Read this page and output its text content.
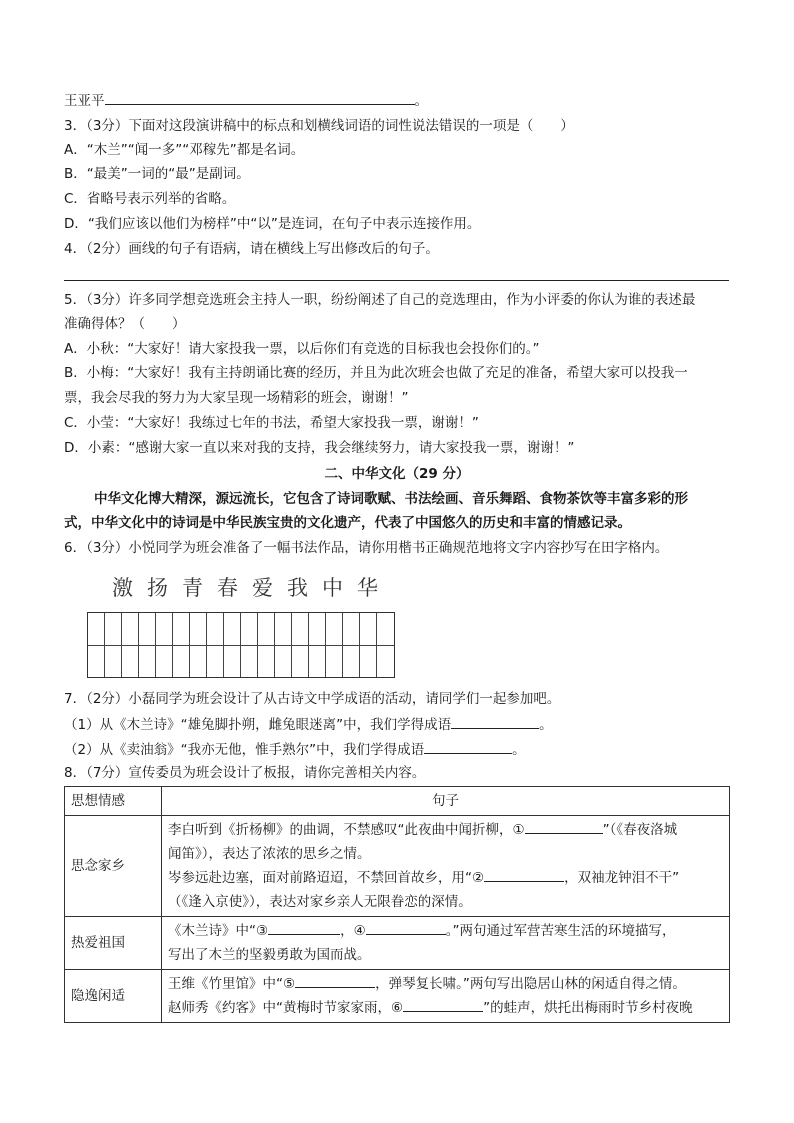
王亚平	。
3．（3分）下面对这段演讲稿中的标点和划横线词语的词性说法错误的一项是（　　）
A．“木兰”“闻一多”“邓稼先”都是名词。
B．“最美”一词的“最”是副词。
C．省略号表示列举的省略。
D．“我们应该以他们为榜样”中“以”是连词，在句子中表示连接作用。
4．（2分）画线的句子有语病，请在横线上写出修改后的句子。
5．（3分）许多同学想竞选班会主持人一职，纷纷阐述了自己的竞选理由，作为小评委的你认为谁的表述最
准确得体？（　　）
A．小秋：“大家好！请大家投我一票，以后你们有竞选的目标我也会投你们的。”
B．小梅：“大家好！我有主持朗诵比赛的经历，并且为此次班会也做了充足的准备，希望大家可以投我一
票，我会尽我的努力为大家呈现一场精彩的班会，谢谢！”
C．小莹：“大家好！我练过七年的书法，希望大家投我一票，谢谢！”
D．小素：“感谢大家一直以来对我的支持，我会继续努力，请大家投我一票，谢谢！”
二、中华文化（29 分）
中华文化博大精深，源远流长，它包含了诗词歌赋、书法绘画、音乐舞蹈、食物茶饮等丰富多彩的形
式，中华文化中的诗词是中华民族宝贵的文化遗产，代表了中国悠久的历史和丰富的情感记录。
6．（3分）小悦同学为班会准备了一幅书法作品，请你用楷书正确规范地将文字内容抄写在田字格内。
激扬青春爱我中华
7．（2分）小磊同学为班会设计了从古诗文中学成语的活动，请同学们一起参加吧。
（1）从《木兰诗》“雄兔脚扑朔，雌兔眼迷离”中，我们学得成语	。
（2）从《卖油翁》“我亦无他，惟手熟尔”中，我们学得成语	。
8．（7分）宣传委员为班会设计了板报，请你完善相关内容。
思想情感	句子
思念家乡	李白听到《折杨柳》的曲调，不禁感叹“此夜曲中闻折柳，① ”（《春夜洛城
闻笛》），表达了浓浓的思乡之情。
岑参远赴边塞，面对前路迢迢，不禁回首故乡，用“② ，双袖龙钟泪不干”
（《逢入京使》），表达对家乡亲人无限眷恋的深情。

热爱祖国	《木兰诗》中“③ ，④ 。”两句通过军营苦寒生活的环境描写，
写出了木兰的坚毅勇敢为国而战。

隐逸闲适	王维《竹里馆》中“⑤ ，弹琴复长啸。”两句写出隐居山林的闲适自得之情。
赵师秀《约客》中“黄梅时节家家雨，⑥ ”的蛙声，烘托出梅雨时节乡村夜晚
